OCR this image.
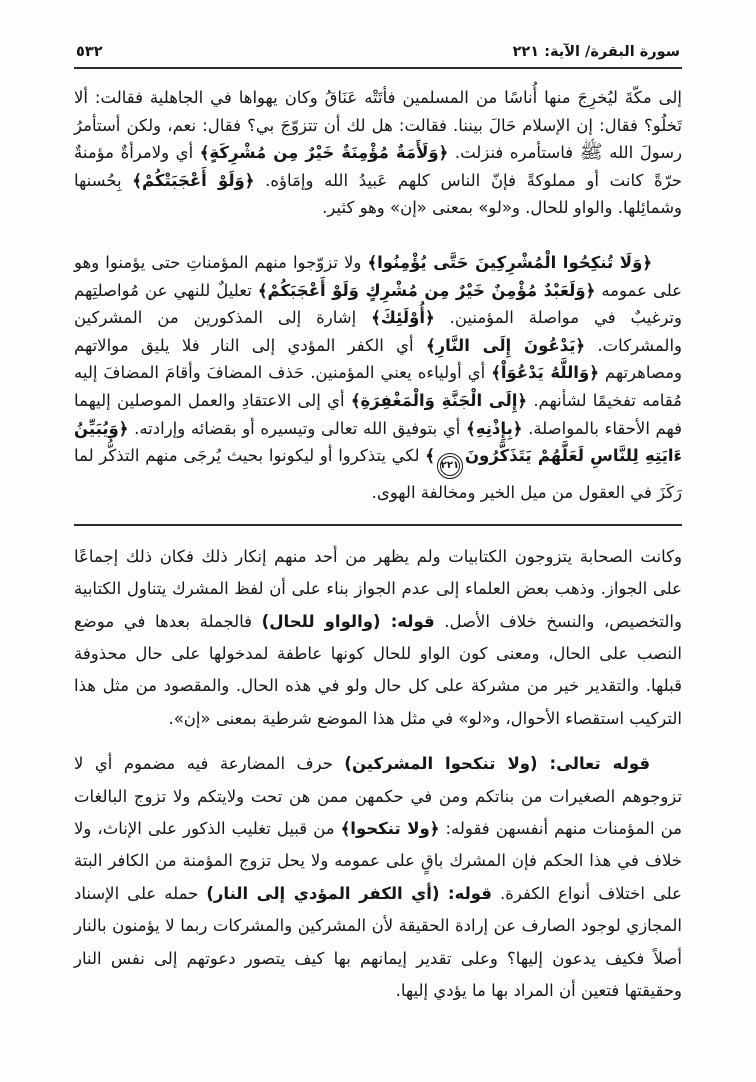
سورة البقرة/ الآية: ٢٢١
٥٣٢

إلى مكّةَ ليُخرِجَ منها أُناسًا من المسلمين فأتَتْه عَنَاقُ وكان يهواها في الجاهلية فقالت: ألا تَخلُو؟ فقال: إن الإسلام حَالَ بيننا. فقالت: هل لك أن تتزوّجَ بي؟ فقال: نعم، ولكن أستأمرُ رسولَ الله ﷺ فاستأمره فنزلت. ﴿وَلَأَمَةٌ مُؤْمِنَةٌ خَيْرٌ مِن مُشْرِكَةٍ﴾ أي ولامرأةٌ مؤمنةٌ حرّةً كانت أو مملوكةً فإنّ الناس كلهم عَبيدُ الله وإمَاؤه. ﴿وَلَوْ أَعْجَبَتْكُمْ﴾ بِحُسنها وشمائِلها. والواو للحال. و«لو» بمعنى «إن» وهو كثير.

﴿وَلَا تُنكِحُوا الْمُشْرِكِينَ حَتَّى يُؤْمِنُوا﴾ ولا تزوّجوا منهم المؤمناتِ حتى يؤمنوا وهو على عمومه ﴿وَلَعَبْدٌ مُؤْمِنٌ خَيْرٌ مِن مُشْرِكٍ وَلَوْ أَعْجَبَكُمْ﴾ تعليلٌ للنهي عن مُواصلتِهم وترغيبٌ في مواصلة المؤمنين. ﴿أُوْلَئِكَ﴾ إشارة إلى المذكورين من المشركين والمشركات. ﴿يَدْعُونَ إِلَى النَّارِ﴾ أي الكفر المؤدي إلى النار فلا يليق موالاتهم ومصاهرتهم ﴿وَاللَّهُ يَدْعُوَاْ﴾ أي أولياءه يعني المؤمنين. حَذف المضافَ وأقامَ المضافَ إليه مُقامه تفخيمًا لشأنهم. ﴿إِلَى الْجَنَّةِ وَالْمَغْفِرَةِ﴾ أي إلى الاعتقادِ والعمل الموصلين إليهما فهم الأحقاء بالمواصلة. ﴿بِإِذْنِهِ﴾ أي بتوفيق الله تعالى وتيسيره أو بقضائه وإرادته. ﴿وَيُبَيِّنُ ءَايَتِهِ لِلنَّاسِ لَعَلَّهُمْ يَتَذَكَّرُونَ٢٢١﴾ لكي يتذكروا أو ليكونوا بحيث يُرجَى منهم التذكُّر لما رَكَزَ في العقول من ميل الخير ومخالفة الهوى.

وكانت الصحابة يتزوجون الكتابيات ولم يظهر من أحد منهم إنكار ذلك فكان ذلك إجماعًا على الجواز. وذهب بعض العلماء إلى عدم الجواز بناء على أن لفظ المشرك يتناول الكتابية والتخصيص، والنسخ خلاف الأصل. قوله: (والواو للحال) فالجملة بعدها في موضع النصب على الحال، ومعنى كون الواو للحال كونها عاطفة لمدخولها على حال محذوفة قبلها. والتقدير خير من مشركة على كل حال ولو في هذه الحال. والمقصود من مثل هذا التركيب استقصاء الأحوال، و«لو» في مثل هذا الموضع شرطية بمعنى «إن».

قوله تعالى: (ولا تنكحوا المشركين) حرف المضارعة فيه مضموم أي لا تزوجوهم الصغيرات من بناتكم ومن في حكمهن ممن هن تحت ولايتكم ولا تزوج البالغات من المؤمنات منهم أنفسهن فقوله: ﴿ولا تنكحوا﴾ من قبيل تغليب الذكور على الإناث، ولا خلاف في هذا الحكم فإن المشرك باقٍ على عمومه ولا يحل تزوج المؤمنة من الكافر البتة على اختلاف أنواع الكفرة. قوله: (أي الكفر المؤدي إلى النار) حمله على الإسناد المجازي لوجود الصارف عن إرادة الحقيقة لأن المشركين والمشركات ربما لا يؤمنون بالنار أصلاً فكيف يدعون إليها؟ وعلى تقدير إيمانهم بها كيف يتصور دعوتهم إلى نفس النار وحقيقتها فتعين أن المراد بها ما يؤدي إليها.
